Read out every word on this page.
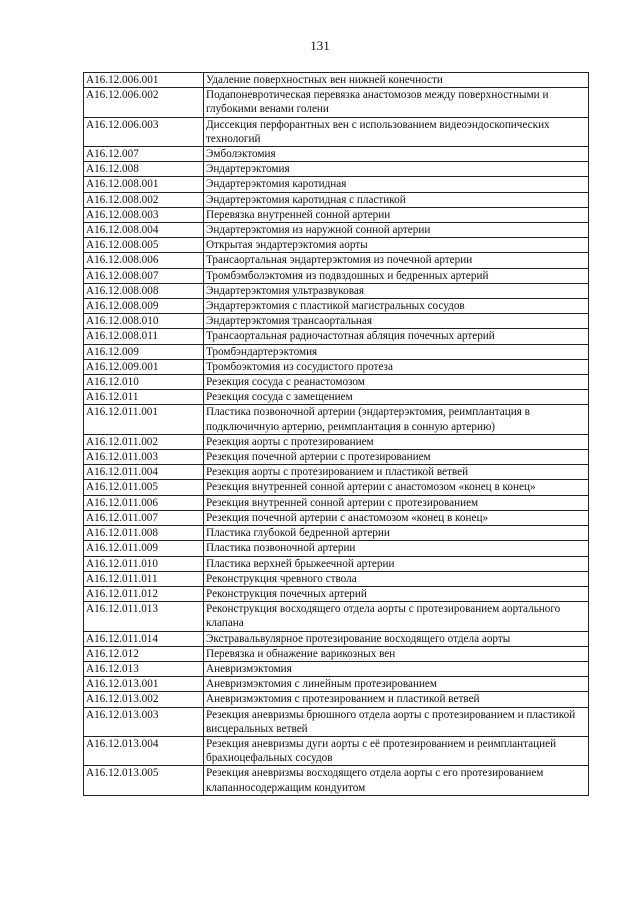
131
A16.12.006.001	Удаление поверхностных вен нижней конечности
A16.12.006.002	Подапоневротическая перевязка анастомозов между поверхностными и глубокими венами голени
A16.12.006.003	Диссекция перфорантных вен с использованием видеоэндоскопических технологий
A16.12.007	Эмболэктомия
A16.12.008	Эндартерэктомия
A16.12.008.001	Эндартерэктомия каротидная
A16.12.008.002	Эндартерэктомия каротидная с пластикой
A16.12.008.003	Перевязка внутренней сонной артерии
A16.12.008.004	Эндартерэктомия из наружной сонной артерии
A16.12.008.005	Открытая эндартерэктомия аорты
A16.12.008.006	Трансаортальная эндартерэктомия из почечной артерии
A16.12.008.007	Тромбэмболэктомия из подвздошных и бедренных артерий
A16.12.008.008	Эндартерэктомия ультразвуковая
A16.12.008.009	Эндартерэктомия с пластикой магистральных сосудов
A16.12.008.010	Эндартерэктомия трансаортальная
A16.12.008.011	Трансаортальная радиочастотная абляция почечных артерий
A16.12.009	Тромбэндартерэктомия
A16.12.009.001	Тромбоэктомия из сосудистого протеза
A16.12.010	Резекция сосуда с реанастомозом
A16.12.011	Резекция сосуда с замещением
A16.12.011.001	Пластика позвоночной артерии (эндартерэктомия, реимплантация в подключичную артерию, реимплантация в сонную артерию)
A16.12.011.002	Резекция аорты с протезированием
A16.12.011.003	Резекция почечной артерии с протезированием
A16.12.011.004	Резекция аорты с протезированием и пластикой ветвей
A16.12.011.005	Резекция внутренней сонной артерии с анастомозом «конец в конец»
A16.12.011.006	Резекция внутренней сонной артерии с протезированием
A16.12.011.007	Резекция почечной артерии с анастомозом «конец в конец»
A16.12.011.008	Пластика глубокой бедренной артерии
A16.12.011.009	Пластика позвоночной артерии
A16.12.011.010	Пластика верхней брыжеечной артерии
A16.12.011.011	Реконструкция чревного ствола
A16.12.011.012	Реконструкция почечных артерий
A16.12.011.013	Реконструкция восходящего отдела аорты с протезированием аортального клапана
A16.12.011.014	Экстравальвулярное протезирование восходящего отдела аорты
A16.12.012	Перевязка и обнажение варикозных вен
A16.12.013	Аневризмэктомия
A16.12.013.001	Аневризмэктомия с линейным протезированием
A16.12.013.002	Аневризмэктомия с протезированием и пластикой ветвей
A16.12.013.003	Резекция аневризмы брюшного отдела аорты с протезированием и пластикой висцеральных ветвей
A16.12.013.004	Резекция аневризмы дуги аорты с её протезированием и реимплантацией брахиоцефальных сосудов
A16.12.013.005	Резекция аневризмы восходящего отдела аорты с его протезированием клапанносодержащим кондуитом
